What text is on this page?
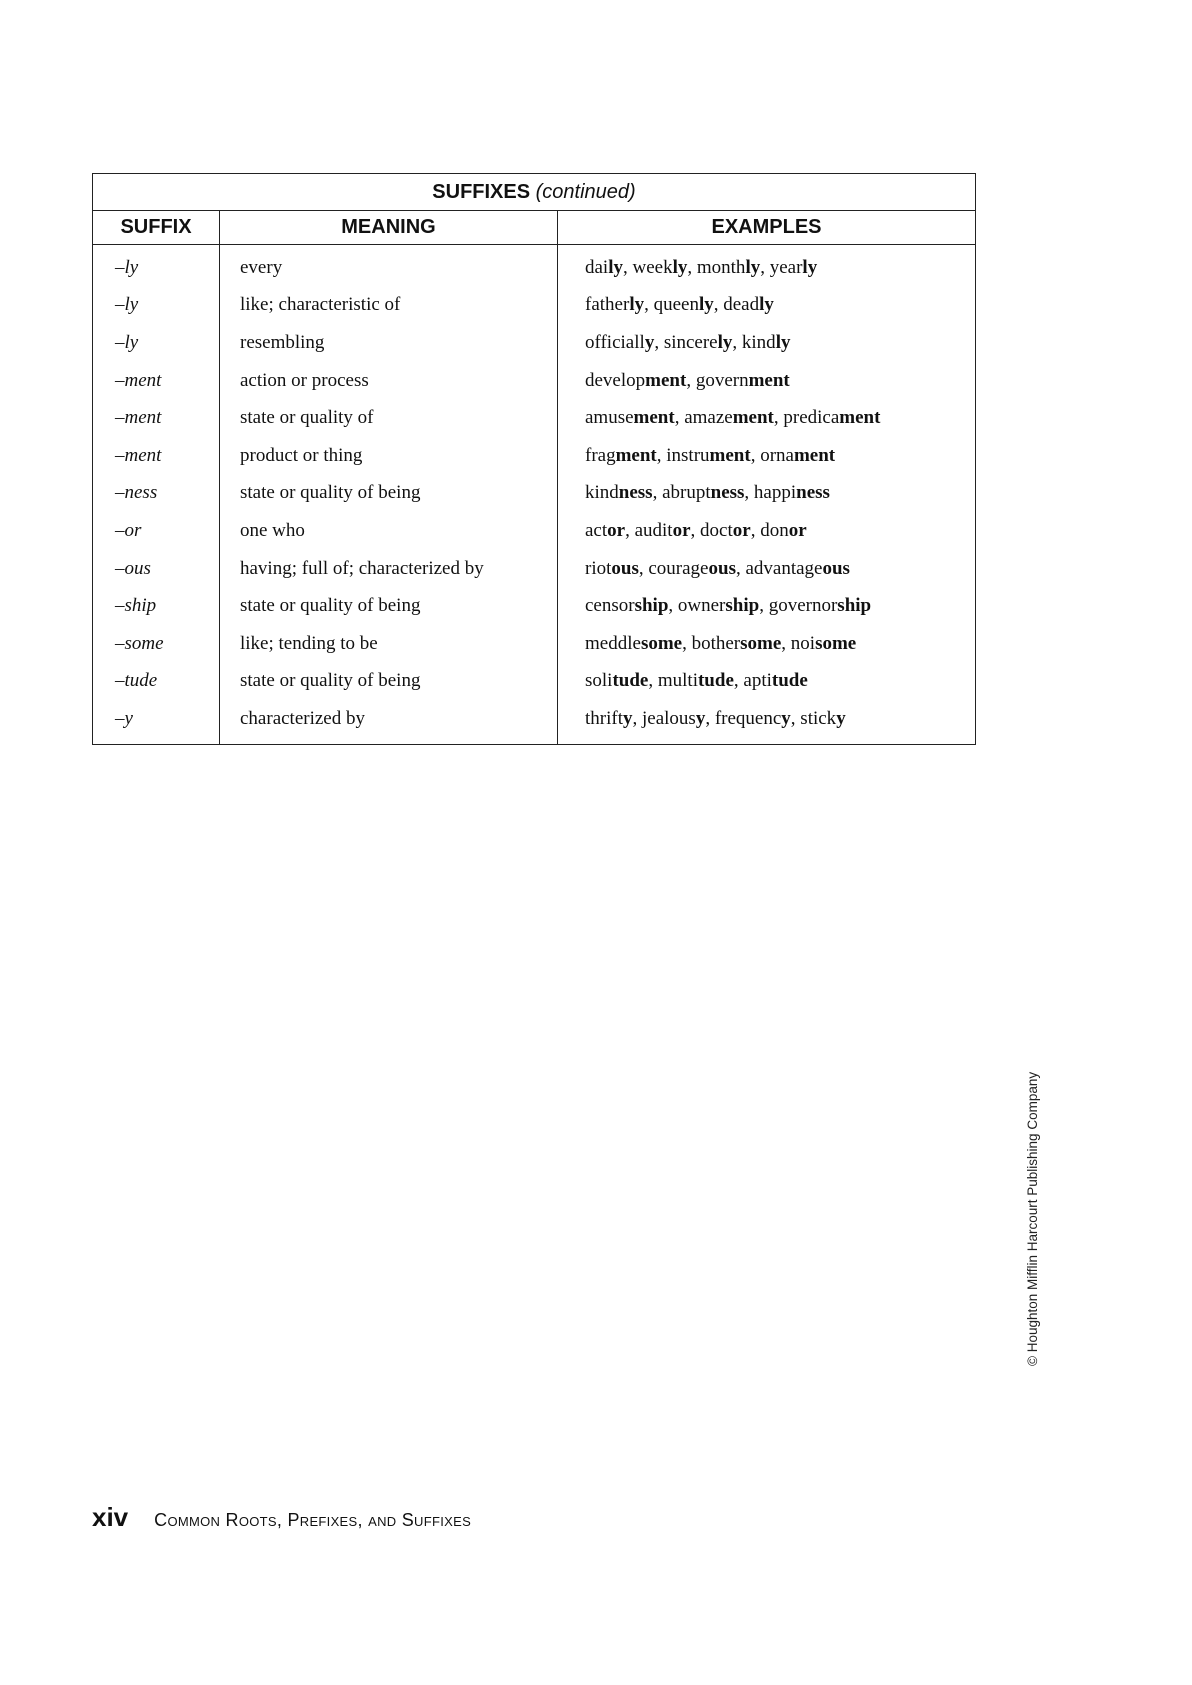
SUFFIXES (continued)		
SUFFIX	MEANING	EXAMPLES
–ly	every	daily, weekly, monthly, yearly
–ly	like; characteristic of	fatherly, queenly, deadly
–ly	resembling	officially, sincerely, kindly
–ment	action or process	development, government
–ment	state or quality of	amusement, amazement, predicament
–ment	product or thing	fragment, instrument, ornament
–ness	state or quality of being	kindness, abruptness, happiness
–or	one who	actor, auditor, doctor, donor
–ous	having; full of; characterized by	riotous, courageous, advantageous
–ship	state or quality of being	censorship, ownership, governorship
–some	like; tending to be	meddlesome, bothersome, noisome
–tude	state or quality of being	solitude, multitude, aptitude
–y	characterized by	thrifty, jealousy, frequency, sticky
xiv Common Roots, Prefixes, and Suffixes
© Houghton Mifflin Harcourt Publishing Company
